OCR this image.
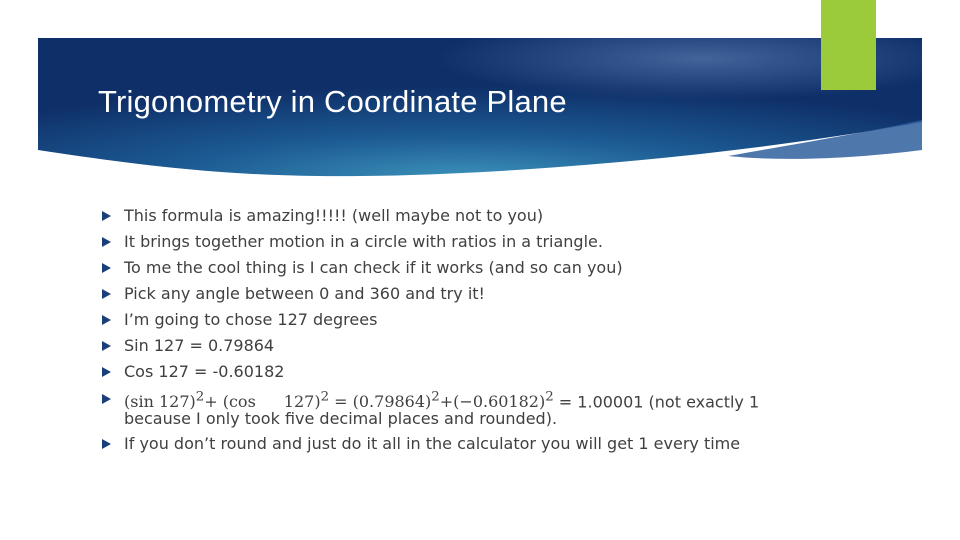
Trigonometry in Coordinate Plane
This formula is amazing!!!!! (well maybe not to you)
It brings together motion in a circle with ratios in a triangle.
To me the cool thing is I can check if it works (and so can you)
Pick any angle between 0 and 360 and try it!
I’m going to chose 127 degrees
Sin 127 = 0.79864
Cos 127 = -0.60182
(sin 127)$^2$+ (cos $127)^2 = (0.79864)^2+(-0.60182)^2 = 1.00001$ (not exactly 1 because I only took five decimal places and rounded).
If you don’t round and just do it all in the calculator you will get 1 every time
